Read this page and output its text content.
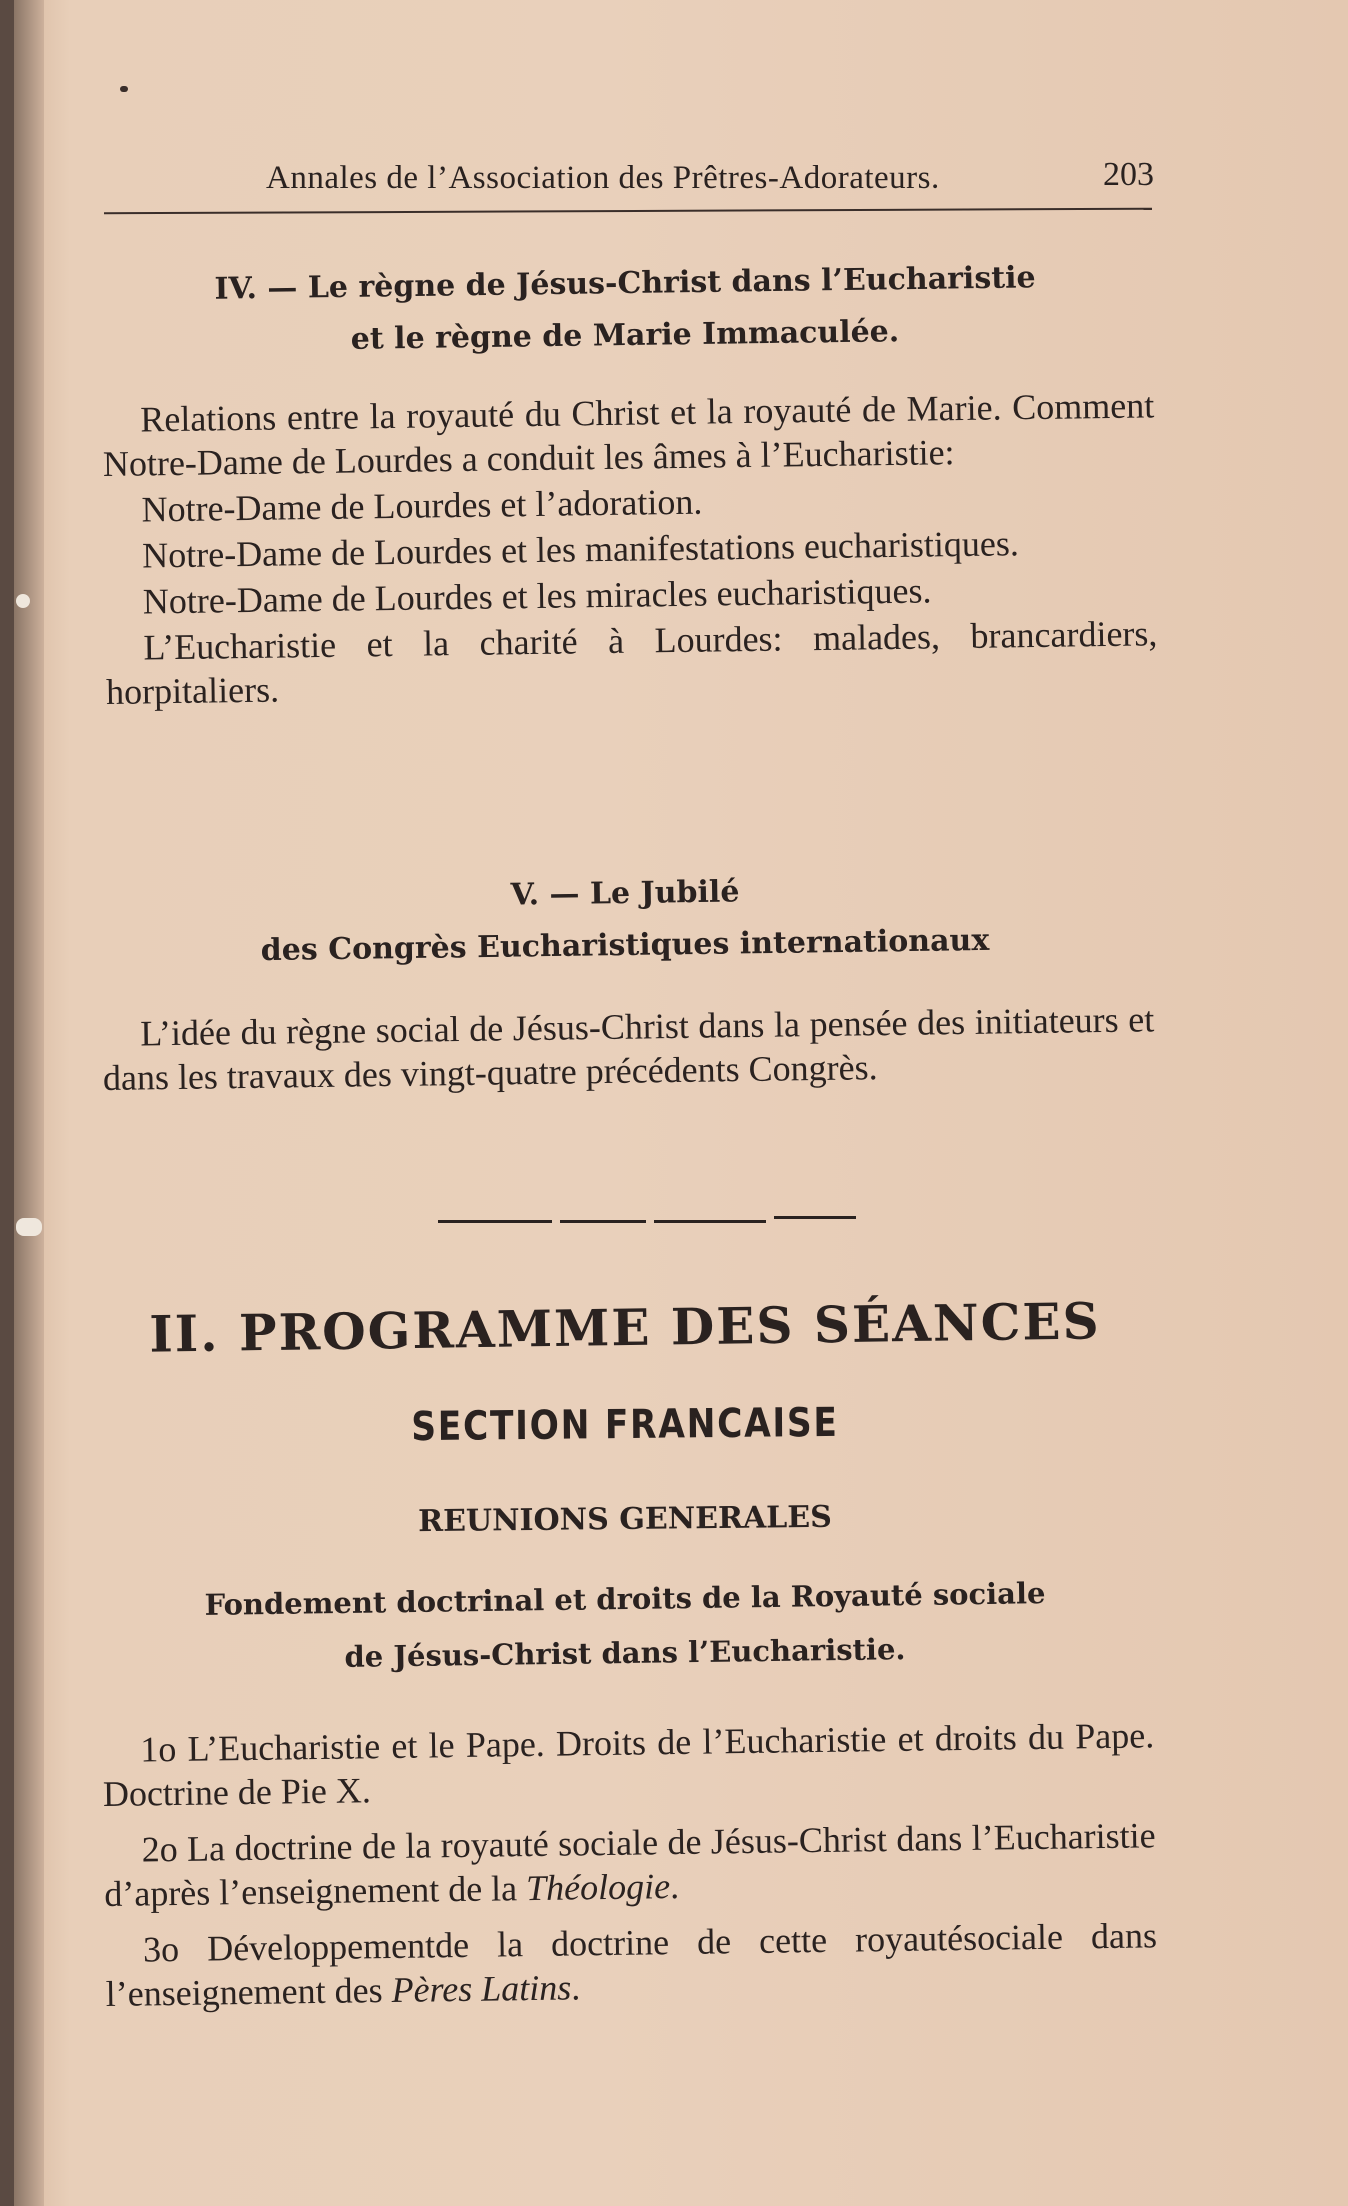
Annales de l’Association des Prêtres-Adorateurs.	203
IV. — Le règne de Jésus-Christ dans l’Eucharistie
et le règne de Marie Immaculée.

Relations entre la royauté du Christ et la royauté de Marie. Comment Notre-Dame de Lourdes a conduit les âmes à l’Eucharistie:

Notre-Dame de Lourdes et l’adoration.

Notre-Dame de Lourdes et les manifestations eucharistiques.

Notre-Dame de Lourdes et les miracles eucharistiques.

L’Eucharistie et la charité à Lourdes: malades, brancardiers, horpitaliers.

V. — Le Jubilé
des Congrès Eucharistiques internationaux

L’idée du règne social de Jésus-Christ dans la pensée des initiateurs et dans les travaux des vingt-quatre précédents Congrès.

II. PROGRAMME DES SÉANCES
SECTION FRANCAISE
REUNIONS GENERALES
Fondement doctrinal et droits de la Royauté sociale
de Jésus-Christ dans l’Eucharistie.

1o L’Eucharistie et le Pape. Droits de l’Eucharistie et droits du Pape. Doctrine de Pie X.

2o La doctrine de la royauté sociale de Jésus-Christ dans l’Eucharistie d’après l’enseignement de la Théologie.

3o Développementde la doctrine de cette royautésociale dans l’enseignement des Pères Latins.
